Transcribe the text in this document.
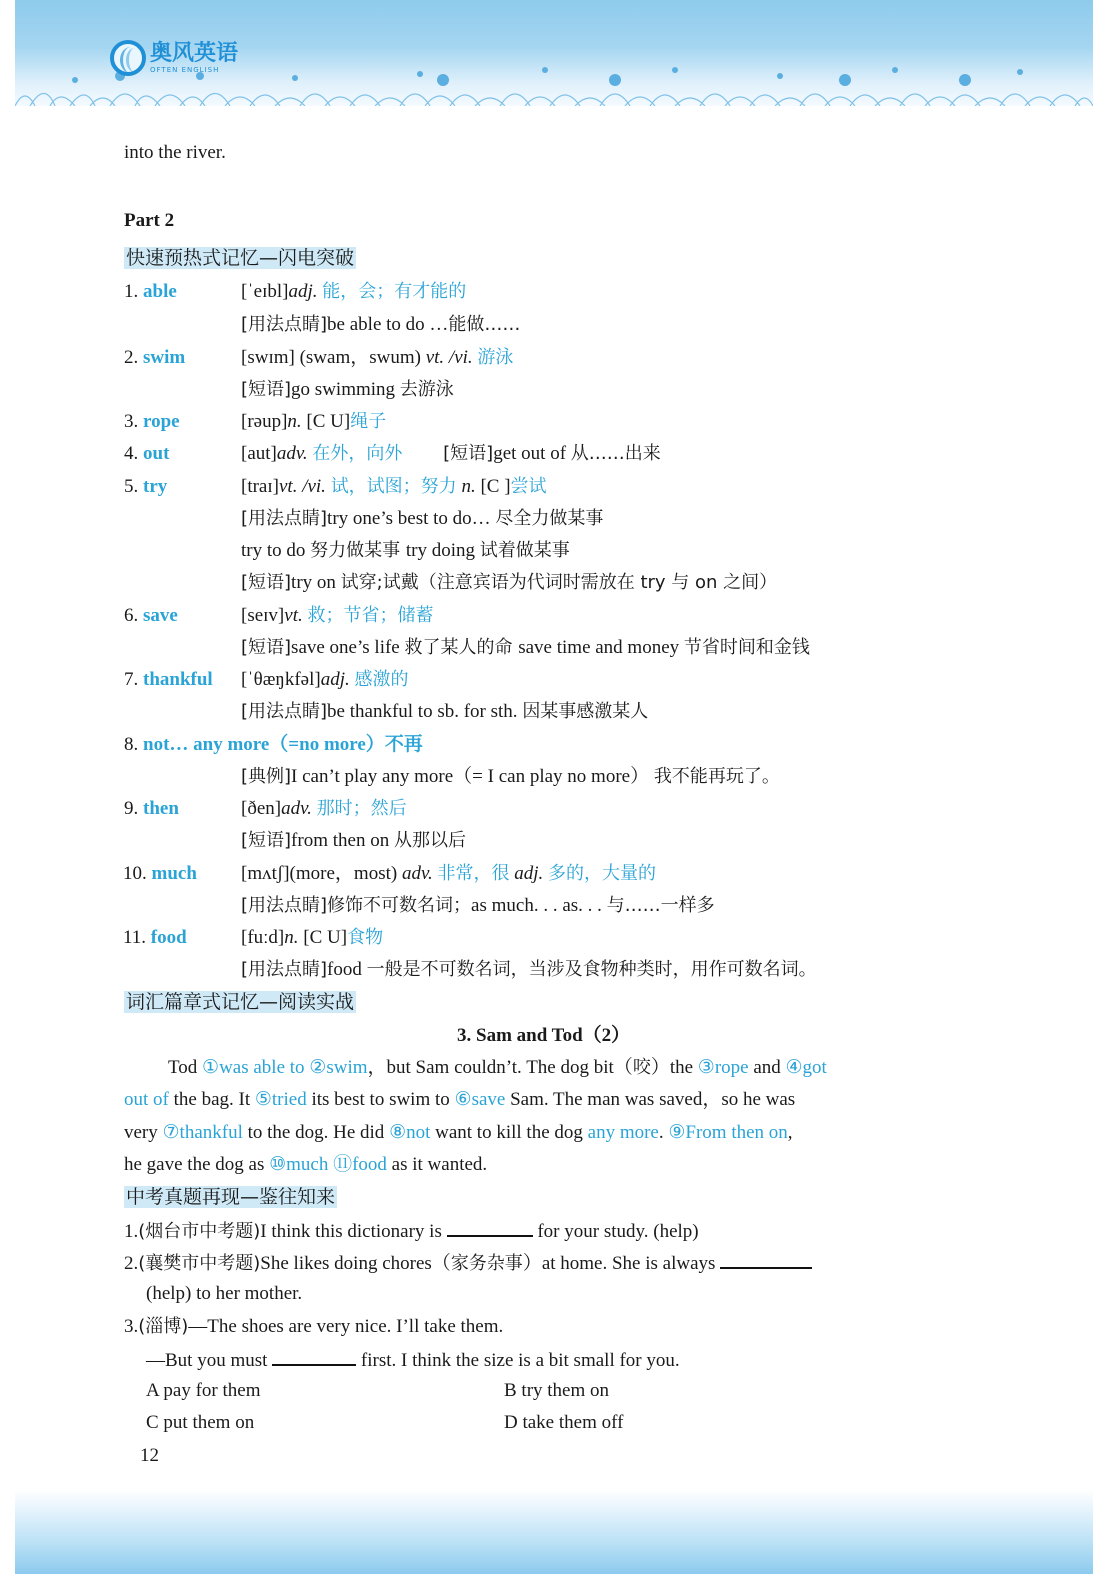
奥风英语
OFTEN ENGLISH
into the river.
Part 2
快速预热式记忆—闪电突破
1. able	[ˈeɪbl]adj. 能，会；有才能的
[用法点睛]be able to do …能做……
2. swim	[swɪm] (swam，swum) vt. /vi. 游泳
[短语]go swimming 去游泳
3. rope	[rəup]n. [C U]绳子
4. out	[aut]adv. 在外，向外 [短语]get out of 从……出来
5. try	[traɪ]vt. /vi. 试，试图；努力 n. [C ]尝试
[用法点睛]try one’s best to do… 尽全力做某事
try to do 努力做某事 try doing 试着做某事
[短语]try on 试穿;试戴（注意宾语为代词时需放在 try 与 on 之间）
6. save	[seɪv]vt. 救；节省；储蓄
[短语]save one’s life 救了某人的命 save time and money 节省时间和金钱
7. thankful [ˈθæŋkfəl]adj. 感激的
[用法点睛]be thankful to sb. for sth. 因某事感激某人
8. not… any more（=no more）不再
[典例]I can’t play any more（= I can play no more） 我不能再玩了。
9. then	[ðen]adv. 那时；然后
[短语]from then on 从那以后
10. much [mʌtʃ](more，most) adv. 非常，很 adj. 多的，大量的
[用法点睛]修饰不可数名词；as much. . . as. . . 与……一样多
11. food	[fuːd]n. [C U]食物
[用法点睛]food 一般是不可数名词，当涉及食物种类时，用作可数名词。
词汇篇章式记忆—阅读实战
3. Sam and Tod（2）
Tod ①was able to ②swim，but Sam couldn’t. The dog bit（咬）the ③rope and ④got
out of the bag. It ⑤tried its best to swim to ⑥save Sam. The man was saved，so he was
very ⑦thankful to the dog. He did ⑧not want to kill the dog any more. ⑨From then on,
he gave the dog as ⑩much ⑪food as it wanted.
中考真题再现—鉴往知来
1.(烟台市中考题)I think this dictionary is	for your study. (help)
2.(襄樊市中考题)She likes doing chores（家务杂事）at home. She is always
(help) to her mother.
3.(淄博)—The shoes are very nice. I’ll take them.
—But you must	first. I think the size is a bit small for you.
A pay for them	B try them on
C put them on	D take them off
12
